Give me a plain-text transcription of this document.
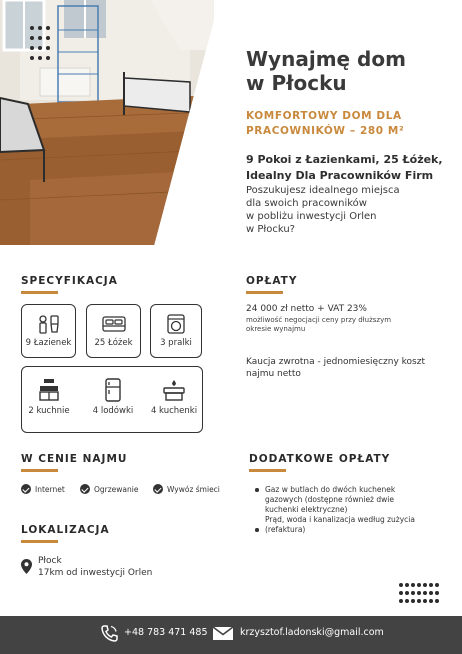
Wynajmę dom
w Płocku
KOMFORTOWY DOM DLA
PRACOWNIKÓW – 280 M²
9 Pokoi z Łazienkami, 25 Łóżek,
Idealny Dla Pracowników Firm
Poszukujesz idealnego miejsca
dla swoich pracowników
w pobliżu inwestycji Orlen
w Płocku?
SPECYFIKACJA
9 Łazienek	25 Łóżek	3 pralki
2 kuchnie	4 lodówki	4 kuchenki
OPŁATY
24 000 zł netto + VAT 23%
możliwość negocjacji ceny przy dłuższym
okresie wynajmu
Kaucja zwrotna - jednomiesięczny koszt
najmu netto
W CENIE NAJMU
Internet	Ogrzewanie	Wywóz śmieci
DODATKOWE OPŁATY
Gaz w butlach do dwóch kuchenek
gazowych (dostępne również dwie
kuchenki elektryczne)
Prąd, woda i kanalizacja według zużycia
(refaktura)
LOKALIZACJA
Płock
17km od inwestycji Orlen
+48 783 471 485	krzysztof.ladonski@gmail.com
